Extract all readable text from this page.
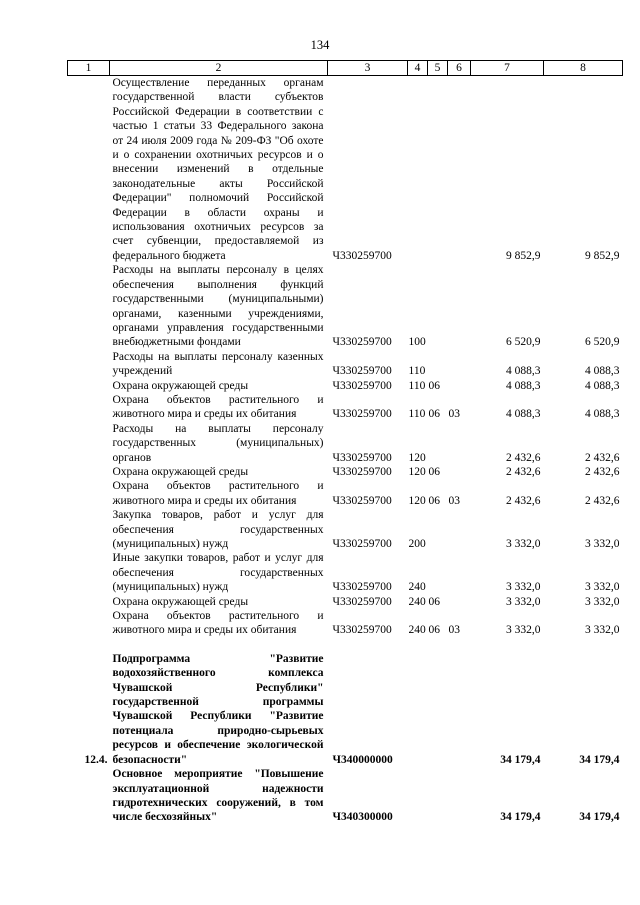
134
1	2	3	4	5	6	7	8
	Осуществление переданных органам государственной власти субъектов Российской Федерации в соответствии с частью 1 статьи 33 Федерального закона от 24 июля 2009 года № 209-ФЗ "Об охоте и о сохранении охотничьих ресурсов и о внесении изменений в отдельные законодательные акты Российской Федерации" полномочий Российской Федерации в области охраны и использования охотничьих ресурсов за счет субвенции, предоставляемой из федерального бюджета	Ч330259700				9 852,9	9 852,9
	Расходы на выплаты персоналу в целях обеспечения выполнения функций государственными (муниципальными) органами, казенными учреждениями, органами управления государственными внебюджетными фондами	Ч330259700	100			6 520,9	6 520,9
	Расходы на выплаты персоналу казенных учреждений	Ч330259700	110			4 088,3	4 088,3
	Охрана окружающей среды	Ч330259700	110	06		4 088,3	4 088,3
	Охрана объектов растительного и животного мира и среды их обитания	Ч330259700	110	06	03	4 088,3	4 088,3
	Расходы на выплаты персоналу государственных (муниципальных) органов	Ч330259700	120			2 432,6	2 432,6
	Охрана окружающей среды	Ч330259700	120	06		2 432,6	2 432,6
	Охрана объектов растительного и животного мира и среды их обитания	Ч330259700	120	06	03	2 432,6	2 432,6
	Закупка товаров, работ и услуг для обеспечения государственных (муниципальных) нужд	Ч330259700	200			3 332,0	3 332,0
	Иные закупки товаров, работ и услуг для обеспечения государственных (муниципальных) нужд	Ч330259700	240			3 332,0	3 332,0
	Охрана окружающей среды	Ч330259700	240	06		3 332,0	3 332,0
	Охрана объектов растительного и животного мира и среды их обитания	Ч330259700	240	06	03	3 332,0	3 332,0

12.4.	Подпрограмма "Развитие водохозяйственного комплекса Чувашской Республики" государственной программы Чувашской Республики "Развитие потенциала природно-сырьевых ресурсов и обеспечение экологической безопасности"	Ч340000000				34 179,4	34 179,4
	Основное мероприятие "Повышение эксплуатационной надежности гидротехнических сооружений, в том числе бесхозяйных"	Ч340300000				34 179,4	34 179,4
